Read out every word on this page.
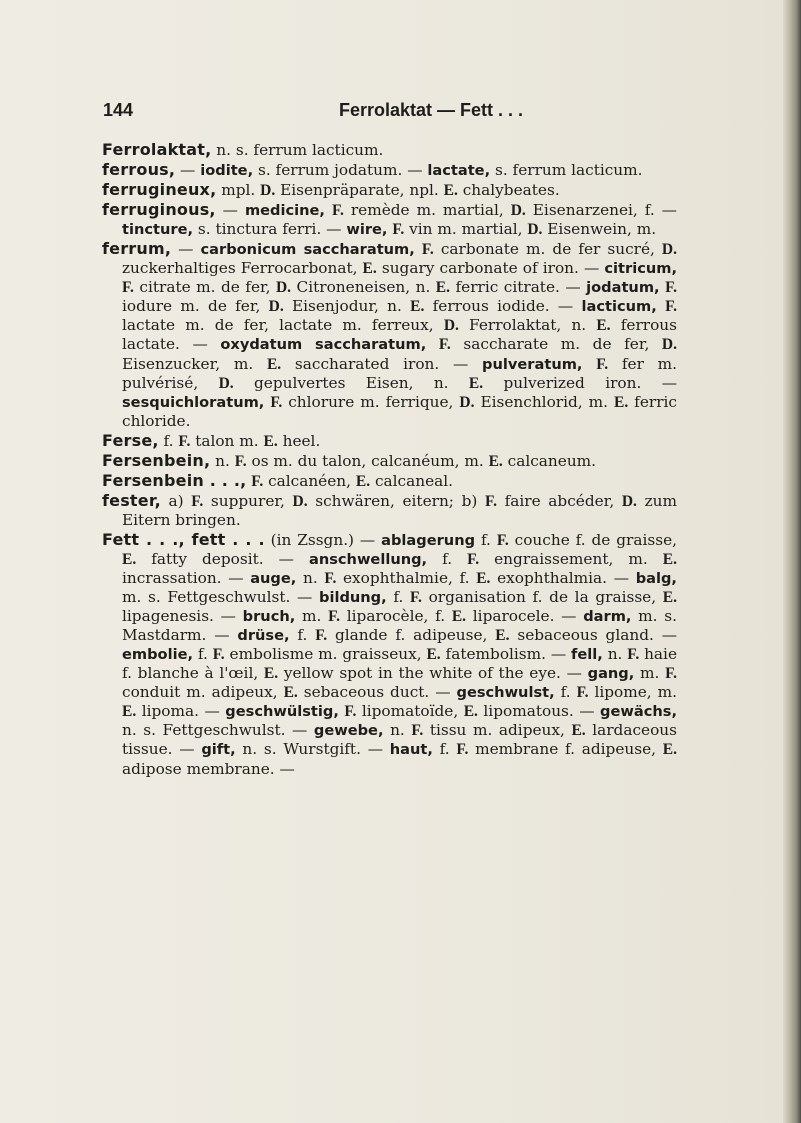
144	Ferrolaktat — Fett . . .
Ferrolaktat, n. s. ferrum lacticum.
ferrous, — iodite, s. ferrum jodatum. — lactate, s. ferrum lacticum.
ferrugineux, mpl. D. Eisenpräparate, npl. E. chalybeates.
ferruginous, — medicine, F. remède m. martial, D. Eisenarzenei, f. — tincture, s. tinctura ferri. — wire, F. vin m. martial, D. Eisenwein, m.
ferrum, — carbonicum saccharatum, F. carbonate m. de fer sucré, D. zuckerhaltiges Ferrocarbonat, E. sugary carbonate of iron. — citricum, F. citrate m. de fer, D. Citroneneisen, n. E. ferric citrate. — jodatum, F. iodure m. de fer, D. Eisenjodur, n. E. ferrous iodide. — lacticum, F. lactate m. de fer, lactate m. ferreux, D. Ferrolaktat, n. E. ferrous lactate. — oxydatum saccharatum, F. saccharate m. de fer, D. Eisenzucker, m. E. saccharated iron. — pulveratum, F. fer m. pulvérisé, D. gepulvertes Eisen, n. E. pulverized iron. — sesquichloratum, F. chlorure m. ferrique, D. Eisenchlorid, m. E. ferric chloride.
Ferse, f. F. talon m. E. heel.
Fersenbein, n. F. os m. du talon, calcanéum, m. E. calcaneum.
Fersenbein . . ., F. calcanéen, E. calcaneal.
fester, a) F. suppurer, D. schwären, eitern; b) F. faire abcéder, D. zum Eitern bringen.
Fett . . ., fett . . . (in Zssgn.) — ablagerung f. F. couche f. de graisse, E. fatty deposit. — anschwellung, f. F. engraissement, m. E. incrassation. — auge, n. F. exophthalmie, f. E. exophthalmia. — balg, m. s. Fettgeschwulst. — bildung, f. F. organisation f. de la graisse, E. lipagenesis. — bruch, m. F. liparocèle, f. E. liparocele. — darm, m. s. Mastdarm. — drüse, f. F. glande f. adipeuse, E. sebaceous gland. — embolie, f. F. embolisme m. graisseux, E. fatembolism. — fell, n. F. haie f. blanche à l'œil, E. yellow spot in the white of the eye. — gang, m. F. conduit m. adipeux, E. sebaceous duct. — geschwulst, f. F. lipome, m. E. lipoma. — geschwülstig, F. lipomatoïde, E. lipomatous. — gewächs, n. s. Fettgeschwulst. — gewebe, n. F. tissu m. adipeux, E. lardaceous tissue. — gift, n. s. Wurstgift. — haut, f. F. membrane f. adipeuse, E. adipose membrane. —
